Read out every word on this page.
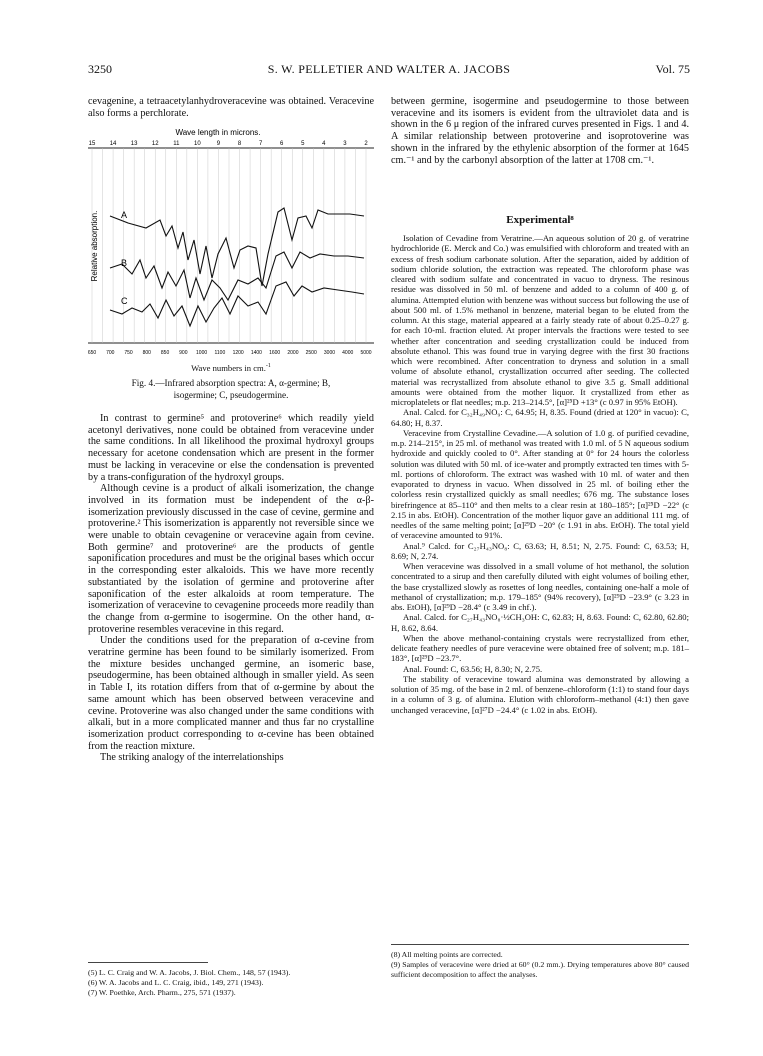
3250	S. W. PELLETIER AND WALTER A. JACOBS	Vol. 75

cevagenine, a tetraacetylanhydroveracevine was obtained. Veracevine also forms a perchlorate.

Wave length in microns.
15 14 13 12 11 10	9	8	7	6	5	4	3	2
650 700 750 800 850 900 1000 1100 1200 1400 1600 2000 2500 3000 4000 5000
Relative absorption. A
B
C
Wave numbers in cm.$^{-1}$
Fig. 4.—Infrared absorption spectra: A, α-germine; B,
isogermine; C, pseudogermine.

In contrast to germine⁵ and protoverine⁶ which readily yield acetonyl derivatives, none could be obtained from veracevine under the same conditions. In all likelihood the proximal hydroxyl groups necessary for acetone condensation which are present in the former must be lacking in veracevine or else the condensation is prevented by a trans-configuration of the hydroxyl groups.

Although cevine is a product of alkali isomerization, the change involved in its formation must be independent of the α-β-isomerization previously discussed in the case of cevine, germine and protoverine.² This isomerization is apparently not reversible since we were unable to obtain cevagenine or veracevine again from cevine. Both germine⁷ and protoverine⁶ are the products of gentle saponification procedures and must be the original bases which occur in the corresponding ester alkaloids. This we have more recently substantiated by the isolation of germine and protoverine after saponification of the ester alkaloids at room temperature. The isomerization of veracevine to cevagenine proceeds more readily than the change from α-germine to isogermine. On the other hand, α-protoverine resembles veracevine in this regard.

Under the conditions used for the preparation of α-cevine from veratrine germine has been found to be similarly isomerized. From the mixture besides unchanged germine, an isomeric base, pseudogermine, has been obtained although in smaller yield. As seen in Table I, its rotation differs from that of α-germine by about the same amount which has been observed between veracevine and cevine. Protoverine was also changed under the same conditions with alkali, but in a more complicated manner and thus far no crystalline isomerization product corresponding to α-cevine has been obtained from the reaction mixture.

The striking analogy of the interrelationships

(5) L. C. Craig and W. A. Jacobs, J. Biol. Chem., 148, 57 (1943).
(6) W. A. Jacobs and L. C. Craig, ibid., 149, 271 (1943).
(7) W. Poethke, Arch. Pharm., 275, 571 (1937).

between germine, isogermine and pseudogermine to those between veracevine and its isomers is evident from the ultraviolet data and is shown in the 6 μ region of the infrared curves presented in Figs. 1 and 4. A similar relationship between protoverine and isoprotoverine was shown in the infrared by the ethylenic absorption of the former at 1645 cm.⁻¹ and by the carbonyl absorption of the latter at 1708 cm.⁻¹.

Experimental⁸

Isolation of Cevadine from Veratrine.—An aqueous solution of 20 g. of veratrine hydrochloride (E. Merck and Co.) was emulsified with chloroform and treated with an excess of fresh sodium carbonate solution. After the separation, aided by addition of sodium chloride solution, the extraction was repeated. The chloroform phase was cleared with sodium sulfate and concentrated in vacuo to dryness. The resinous residue was dissolved in 50 ml. of benzene and added to a column of 400 g. of alumina. Attempted elution with benzene was without success but following the use of about 500 ml. of 1.5% methanol in benzene, material began to be eluted from the column. At this stage, material appeared at a fairly steady rate of about 0.25–0.27 g. for each 10-ml. fraction eluted. At proper intervals the fractions were tested to see whether after concentration and seeding crystallization could be induced from absolute ethanol. This was found true in varying degree with the first 30 fractions which were recombined. After concentration to dryness and solution in a small volume of absolute ethanol, crystallization occurred after seeding. The collected material was recrystallized from absolute ethanol to give 3.5 g. Small additional amounts were obtained from the mother liquor. It crystallized from ether as microplatelets or flat needles; m.p. 213–214.5°, [α]²⁵D +13° (c 0.97 in 95% EtOH).

Anal. Calcd. for C₃₂H₄₉NO₉: C, 64.95; H, 8.35. Found (dried at 120° in vacuo): C, 64.80; H, 8.37.

Veracevine from Crystalline Cevadine.—A solution of 1.0 g. of purified cevadine, m.p. 214–215°, in 25 ml. of methanol was treated with 1.0 ml. of 5 N aqueous sodium hydroxide and quickly cooled to 0°. After standing at 0° for 24 hours the colorless solution was diluted with 50 ml. of ice-water and promptly extracted ten times with 5-ml. portions of chloroform. The extract was washed with 10 ml. of water and then evaporated to dryness in vacuo. When dissolved in 25 ml. of boiling ether the colorless resin crystallized quickly as small needles; 676 mg. The substance loses birefringence at 85–110° and then melts to a clear resin at 180–185°; [α]²⁵D −22° (c 2.15 in abs. EtOH). Concentration of the mother liquor gave an additional 111 mg. of needles of the same melting point; [α]²⁹D −20° (c 1.91 in abs. EtOH). The total yield of veracevine amounted to 91%.

Anal.⁹ Calcd. for C₂₇H₄₃NO₈: C, 63.63; H, 8.51; N, 2.75. Found: C, 63.53; H, 8.69; N, 2.74.

When veracevine was dissolved in a small volume of hot methanol, the solution concentrated to a sirup and then carefully diluted with eight volumes of boiling ether, the base crystallized slowly as rosettes of long needles, containing one-half a mole of methanol of crystallization; m.p. 179–185° (94% recovery), [α]²⁹D −23.9° (c 3.23 in abs. EtOH), [α]²⁹D −28.4° (c 3.49 in chf.).

Anal. Calcd. for C₂₇H₄₃NO₈·½CH₃OH: C, 62.83; H, 8.63. Found: C, 62.80, 62.80; H, 8.62, 8.64.

When the above methanol-containing crystals were recrystallized from ether, delicate feathery needles of pure veracevine were obtained free of solvent; m.p. 181–183°, [α]²⁹D −23.7°.

Anal. Found: C, 63.56; H, 8.30; N, 2.75.

The stability of veracevine toward alumina was demonstrated by allowing a solution of 35 mg. of the base in 2 ml. of benzene–chloroform (1:1) to stand four days in a column of 3 g. of alumina. Elution with chloroform–methanol (4:1) then gave unchanged veracevine, [α]²⁷D −24.4° (c 1.02 in abs. EtOH).

(8) All melting points are corrected.
(9) Samples of veracevine were dried at 60° (0.2 mm.). Drying temperatures above 80° caused sufficient decomposition to affect the analyses.
